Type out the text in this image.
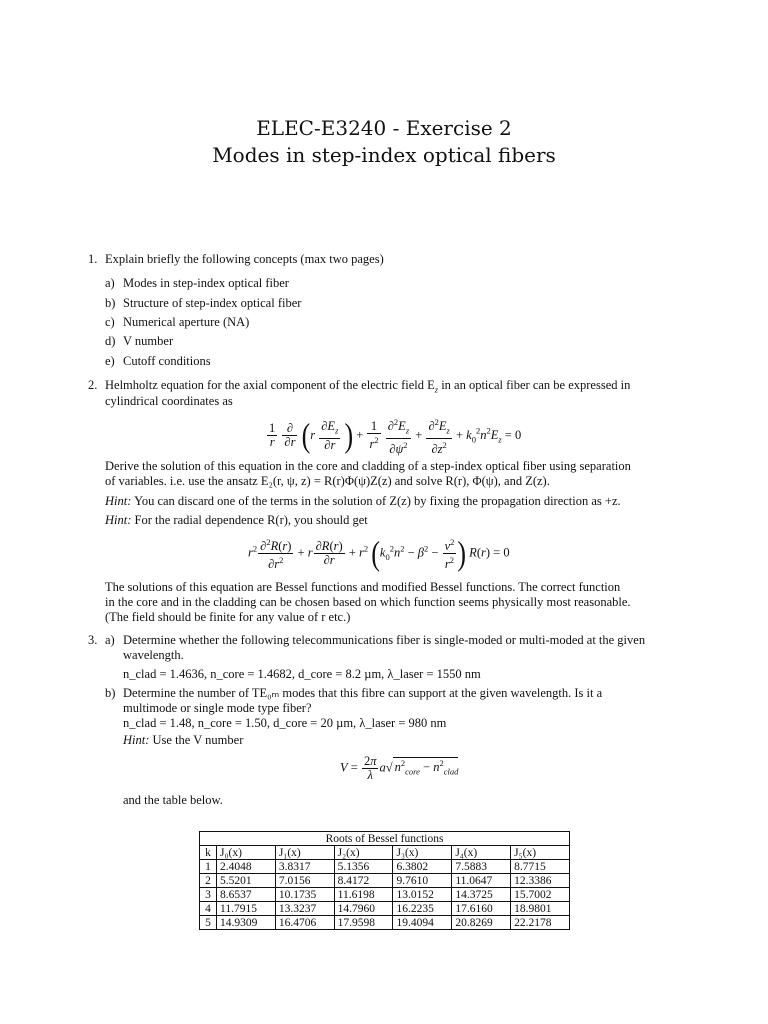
ELEC-E3240 - Exercise 2
Modes in step-index optical fibers
1. Explain briefly the following concepts (max two pages)
a) Modes in step-index optical fiber
b) Structure of step-index optical fiber
c) Numerical aperture (NA)
d) V number
e) Cutoff conditions
2. Helmholtz equation for the axial component of the electric field $E_z$ in an optical fiber can be expressed in
cylindrical coordinates as
$\frac{1}{r}$
$\frac{\partial}{\partial r} (r \frac{\partial E_z}{\partial r}$ ) + $\frac{1}{r^2}$
$\frac{\partial^2E_z}{\partial\psi^2} + \frac{\partial^2E_z}{\partial z^2} + k_0^2n^2E_z = 0$
Derive the solution of this equation in the core and cladding of a step-index optical fiber using separation
of variables. i.e. use the ansatz E₂(r, ψ, z) = R(r)Φ(ψ)Z(z) and solve R(r), Φ(ψ), and Z(z).
Hint: You can discard one of the terms in the solution of Z(z) by fixing the propagation direction as +z.
Hint: For the radial dependence R(r), you should get
$r^2 \frac{\partial^2R(r)}{\partial r^2} + r \frac{\partial R(r)}{\partial r} + r^2$ ($k_0^2n^2 - \beta^2 - \frac{\nu^2}{r^2}$ ) R(r) = 0
The solutions of this equation are Bessel functions and modified Bessel functions. The correct function
in the core and in the cladding can be chosen based on which function seems physically most reasonable.
(The field should be finite for any value of r etc.)
3. a) Determine whether the following telecommunications fiber is single-moded or multi-moded at the given
wavelength.
n_clad = 1.4636, n_core = 1.4682, d_core = 8.2 µm, λ_laser = 1550 nm
b) Determine the number of TE₀ₘ modes that this fibre can support at the given wavelength. Is it a
multimode or single mode type fiber?
n_clad = 1.48, n_core = 1.50, d_core = 20 µm, λ_laser = 980 nm
Hint: Use the V number
$V = \frac{2\pi}{\lambda} a√$ $n^2_{core} - n^2_{clad}$
and the table below.
Roots of Bessel functions						
k	J₀(x)	J₁(x)	J₂(x)	J₃(x)	J₄(x)	J₅(x)
1	2.4048	3.8317	5.1356	6.3802	7.5883	8.7715
2	5.5201	7.0156	8.4172	9.7610	11.0647	12.3386
3	8.6537	10.1735	11.6198	13.0152	14.3725	15.7002
4	11.7915	13.3237	14.7960	16.2235	17.6160	18.9801
5	14.9309	16.4706	17.9598	19.4094	20.8269	22.2178
